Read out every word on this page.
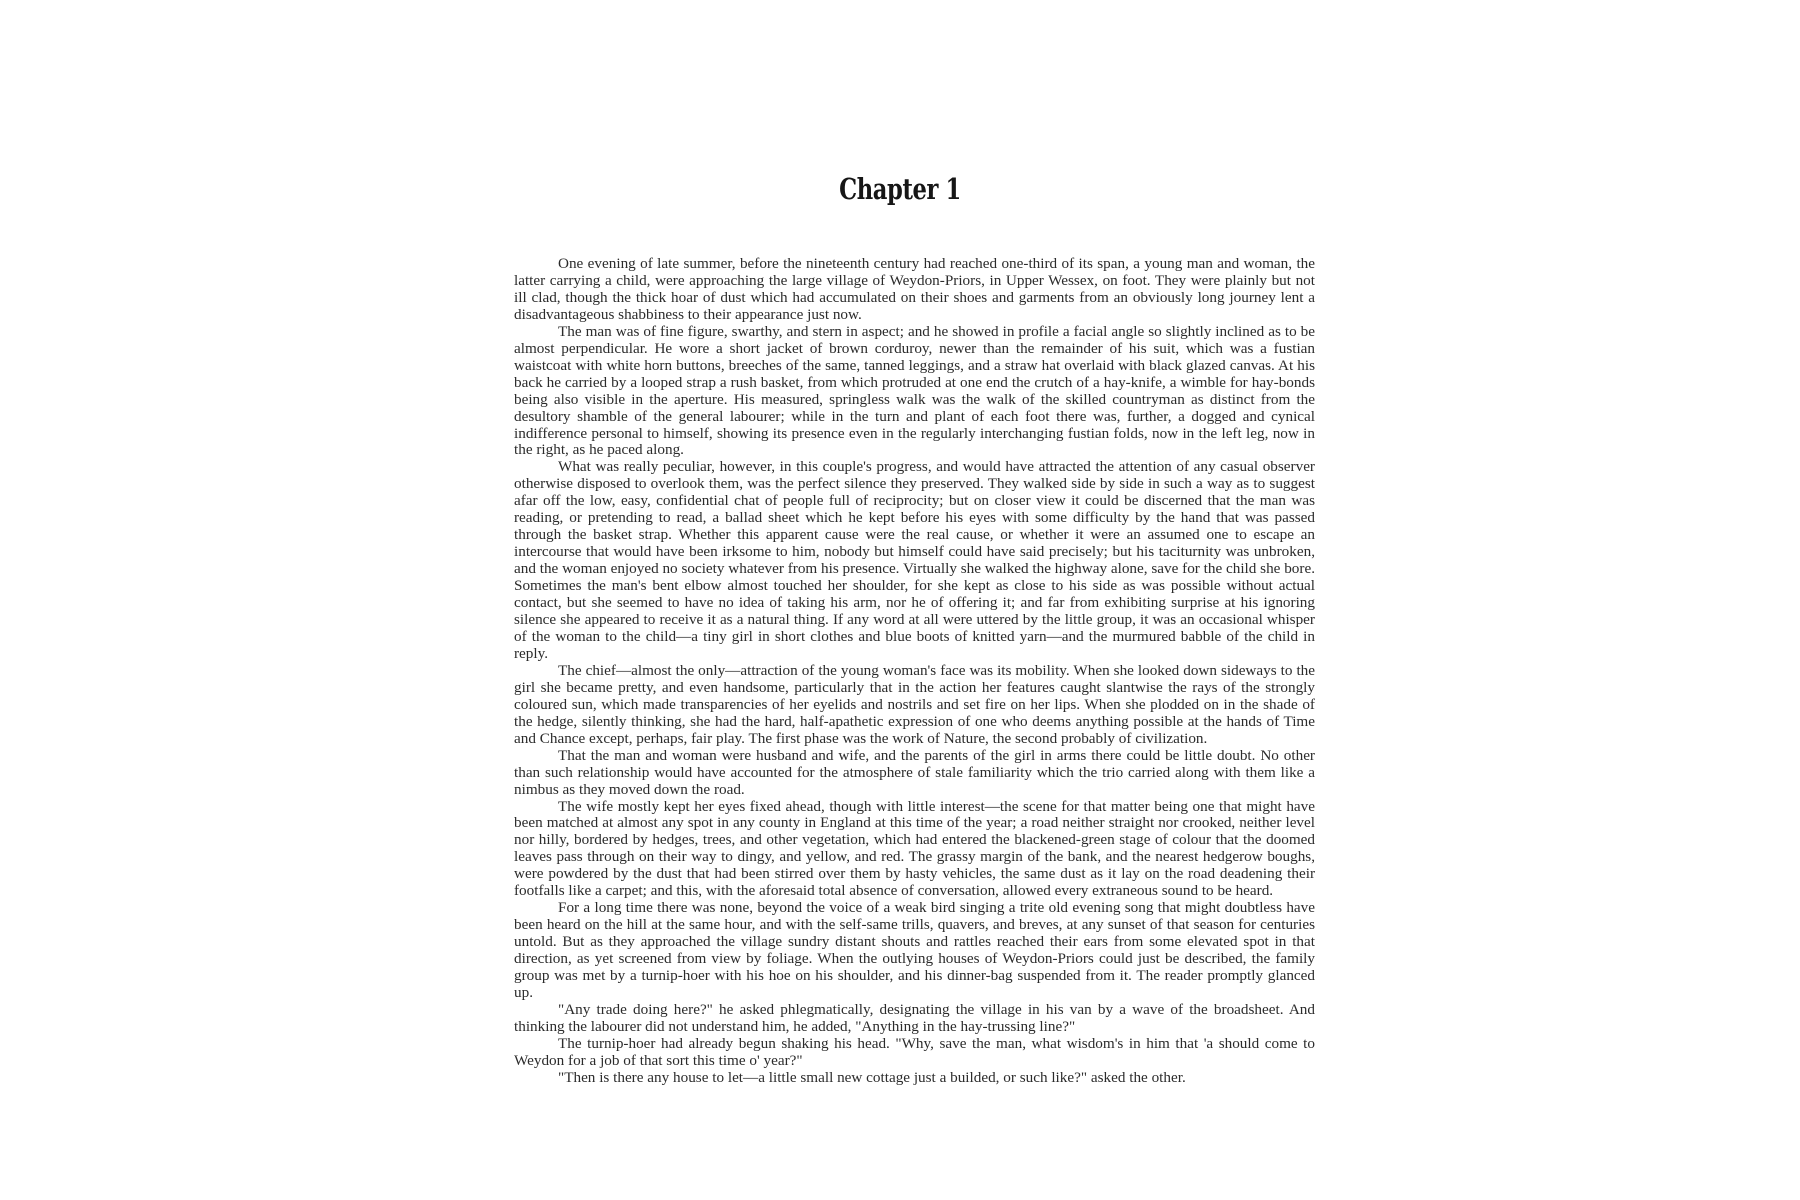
Chapter 1

One evening of late summer, before the nineteenth century had reached one-third of its span, a young man and woman, the latter carrying a child, were approaching the large village of Weydon-Priors, in Upper Wessex, on foot. They were plainly but not ill clad, though the thick hoar of dust which had accumulated on their shoes and garments from an obviously long journey lent a disadvantageous shabbiness to their appearance just now.

The man was of fine figure, swarthy, and stern in aspect; and he showed in profile a facial angle so slightly inclined as to be almost perpendicular. He wore a short jacket of brown corduroy, newer than the remainder of his suit, which was a fustian waistcoat with white horn buttons, breeches of the same, tanned leggings, and a straw hat overlaid with black glazed canvas. At his back he carried by a looped strap a rush basket, from which protruded at one end the crutch of a hay-knife, a wimble for hay-bonds being also visible in the aperture. His measured, springless walk was the walk of the skilled countryman as distinct from the desultory shamble of the general labourer; while in the turn and plant of each foot there was, further, a dogged and cynical indifference personal to himself, showing its presence even in the regularly interchanging fustian folds, now in the left leg, now in the right, as he paced along.

What was really peculiar, however, in this couple's progress, and would have attracted the attention of any casual observer otherwise disposed to overlook them, was the perfect silence they preserved. They walked side by side in such a way as to suggest afar off the low, easy, confidential chat of people full of reciprocity; but on closer view it could be discerned that the man was reading, or pretending to read, a ballad sheet which he kept before his eyes with some difficulty by the hand that was passed through the basket strap. Whether this apparent cause were the real cause, or whether it were an assumed one to escape an intercourse that would have been irksome to him, nobody but himself could have said precisely; but his taciturnity was unbroken, and the woman enjoyed no society whatever from his presence. Virtually she walked the highway alone, save for the child she bore. Sometimes the man's bent elbow almost touched her shoulder, for she kept as close to his side as was possible without actual contact, but she seemed to have no idea of taking his arm, nor he of offering it; and far from exhibiting surprise at his ignoring silence she appeared to receive it as a natural thing. If any word at all were uttered by the little group, it was an occasional whisper of the woman to the child—a tiny girl in short clothes and blue boots of knitted yarn—and the murmured babble of the child in reply.

The chief—almost the only—attraction of the young woman's face was its mobility. When she looked down sideways to the girl she became pretty, and even handsome, particularly that in the action her features caught slantwise the rays of the strongly coloured sun, which made transparencies of her eyelids and nostrils and set fire on her lips. When she plodded on in the shade of the hedge, silently thinking, she had the hard, half-apathetic expression of one who deems anything possible at the hands of Time and Chance except, perhaps, fair play. The first phase was the work of Nature, the second probably of civilization.

That the man and woman were husband and wife, and the parents of the girl in arms there could be little doubt. No other than such relationship would have accounted for the atmosphere of stale familiarity which the trio carried along with them like a nimbus as they moved down the road.

The wife mostly kept her eyes fixed ahead, though with little interest—the scene for that matter being one that might have been matched at almost any spot in any county in England at this time of the year; a road neither straight nor crooked, neither level nor hilly, bordered by hedges, trees, and other vegetation, which had entered the blackened-green stage of colour that the doomed leaves pass through on their way to dingy, and yellow, and red. The grassy margin of the bank, and the nearest hedgerow boughs, were powdered by the dust that had been stirred over them by hasty vehicles, the same dust as it lay on the road deadening their footfalls like a carpet; and this, with the aforesaid total absence of conversation, allowed every extraneous sound to be heard.

For a long time there was none, beyond the voice of a weak bird singing a trite old evening song that might doubtless have been heard on the hill at the same hour, and with the self-same trills, quavers, and breves, at any sunset of that season for centuries untold. But as they approached the village sundry distant shouts and rattles reached their ears from some elevated spot in that direction, as yet screened from view by foliage. When the outlying houses of Weydon-Priors could just be described, the family group was met by a turnip-hoer with his hoe on his shoulder, and his dinner-bag suspended from it. The reader promptly glanced up.

"Any trade doing here?" he asked phlegmatically, designating the village in his van by a wave of the broadsheet. And thinking the labourer did not understand him, he added, "Anything in the hay-trussing line?"

The turnip-hoer had already begun shaking his head. "Why, save the man, what wisdom's in him that 'a should come to Weydon for a job of that sort this time o' year?"

"Then is there any house to let—a little small new cottage just a builded, or such like?" asked the other.
